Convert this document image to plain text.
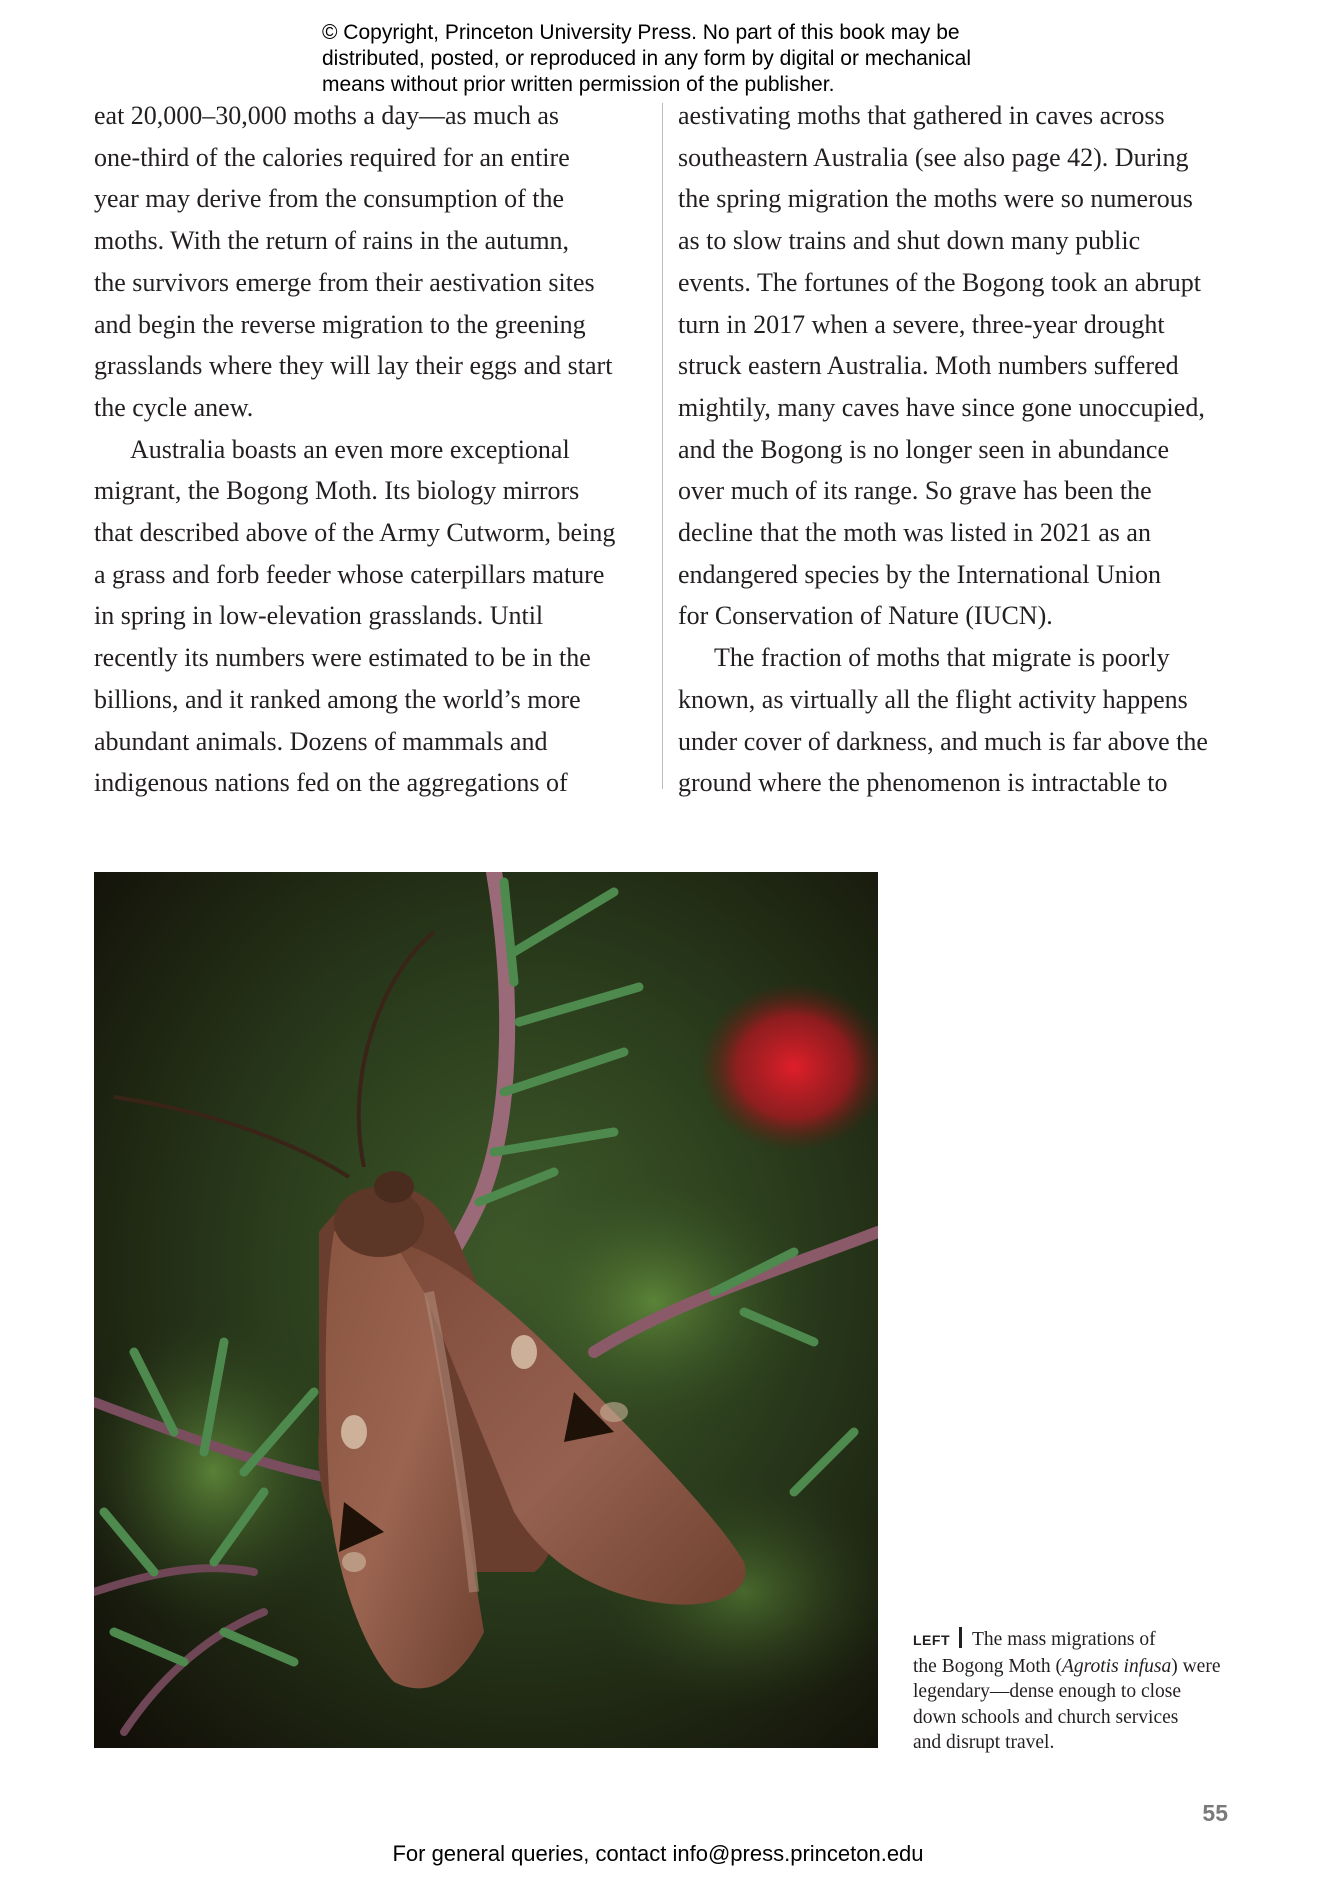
© Copyright, Princeton University Press. No part of this book may be
distributed, posted, or reproduced in any form by digital or mechanical
means without prior written permission of the publisher.
eat 20,000–30,000 moths a day—as much as
one-third of the calories required for an entire
year may derive from the consumption of the
moths. With the return of rains in the autumn,
the survivors emerge from their aestivation sites
and begin the reverse migration to the greening
grasslands where they will lay their eggs and start
the cycle anew.
Australia boasts an even more exceptional
migrant, the Bogong Moth. Its biology mirrors
that described above of the Army Cutworm, being
a grass and forb feeder whose caterpillars mature
in spring in low-elevation grasslands. Until
recently its numbers were estimated to be in the
billions, and it ranked among the world’s more
abundant animals. Dozens of mammals and
indigenous nations fed on the aggregations of
aestivating moths that gathered in caves across
southeastern Australia (see also page 42). During
the spring migration the moths were so numerous
as to slow trains and shut down many public
events. The fortunes of the Bogong took an abrupt
turn in 2017 when a severe, three-year drought
struck eastern Australia. Moth numbers suffered
mightily, many caves have since gone unoccupied,
and the Bogong is no longer seen in abundance
over much of its range. So grave has been the
decline that the moth was listed in 2021 as an
endangered species by the International Union
for Conservation of Nature (IUCN).
The fraction of moths that migrate is poorly
known, as virtually all the flight activity happens
under cover of darkness, and much is far above the
ground where the phenomenon is intractable to
LEFT The mass migrations of
the Bogong Moth (Agrotis infusa) were
legendary—dense enough to close
down schools and church services
and disrupt travel.
55
For general queries, contact info@press.princeton.edu
